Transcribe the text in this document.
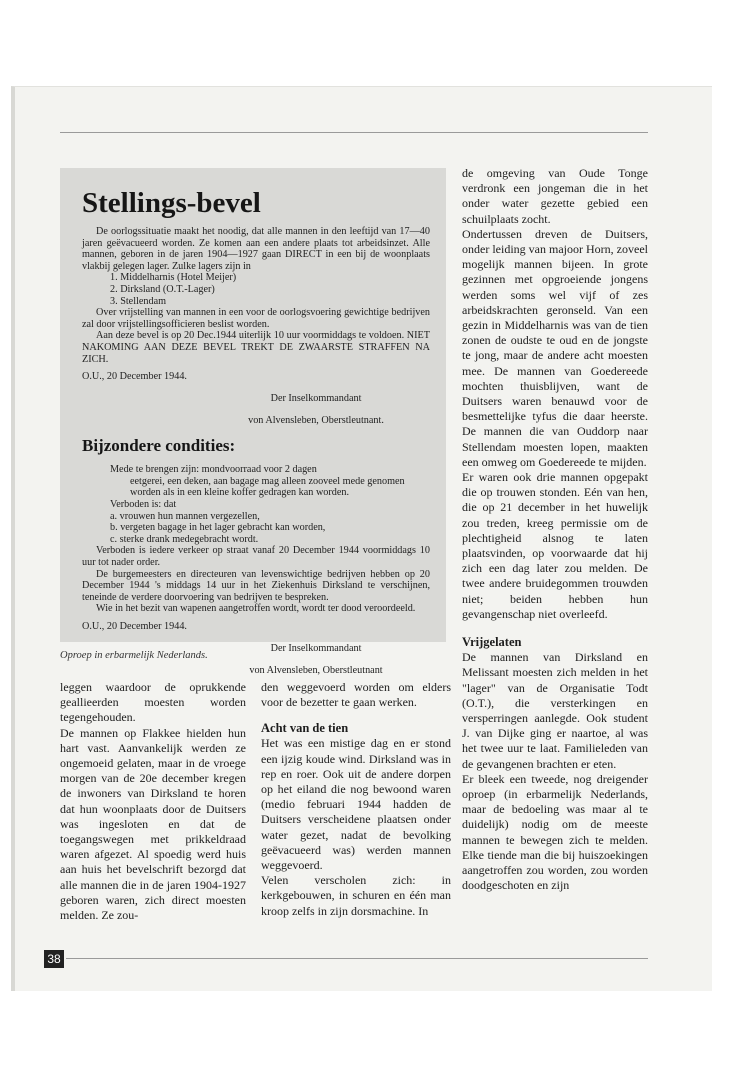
Stellings-bevel

De oorlogssituatie maakt het noodig, dat alle mannen in den leeftijd van 17—40 jaren geëvacueerd worden. Ze komen aan een andere plaats tot arbeidsinzet. Alle mannen, geboren in de jaren 1904—1927 gaan DIRECT in een bij de woonplaats vlakbij gelegen lager. Zulke lagers zijn in

1. Middelharnis (Hotel Meijer)
2. Dirksland (O.T.-Lager)
3. Stellendam

Over vrijstelling van mannen in een voor de oorlogsvoering gewichtige bedrijven zal door vrijstellingsofficieren beslist worden.

Aan deze bevel is op 20 Dec.1944 uiterlijk 10 uur voormiddags te voldoen. NIET NAKOMING AAN DEZE BEVEL TREKT DE ZWAARSTE STRAFFEN NA ZICH.

O.U., 20 December 1944.

Der Inselkommandant

von Alvensleben, Oberstleutnant.

Bijzondere condities:

Mede te brengen zijn: mondvoorraad voor 2 dagen

eetgerei, een deken, aan bagage mag alleen zooveel mede genomen worden als in een kleine koffer gedragen kan worden.

Verboden is: dat

a. vrouwen hun mannen vergezellen,

b. vergeten bagage in het lager gebracht kan worden,

c. sterke drank medegebracht wordt.

Verboden is iedere verkeer op straat vanaf 20 December 1944 voormiddags 10 uur tot nader order.

De burgemeesters en directeuren van levenswichtige bedrijven hebben op 20 December 1944 's middags 14 uur in het Ziekenhuis Dirksland te verschijnen, teneinde de verdere doorvoering van bedrijven te bespreken.

Wie in het bezit van wapenen aangetroffen wordt, wordt ter dood veroordeeld.

O.U., 20 December 1944.

Der Inselkommandant

von Alvensleben, Oberstleutnant

Oproep in erbarmelijk Nederlands.

leggen waardoor de oprukkende geallieerden moesten worden tegengehouden.

De mannen op Flakkee hielden hun hart vast. Aanvankelijk werden ze ongemoeid gelaten, maar in de vroege morgen van de 20e december kregen de inwoners van Dirksland te horen dat hun woonplaats door de Duitsers was ingesloten en dat de toegangswegen met prikkeldraad waren afgezet. Al spoedig werd huis aan huis het bevelschrift bezorgd dat alle mannen die in de jaren 1904-1927 geboren waren, zich direct moesten melden. Ze zou-

den weggevoerd worden om elders voor de bezetter te gaan werken.

Acht van de tien

Het was een mistige dag en er stond een ijzig koude wind. Dirksland was in rep en roer. Ook uit de andere dorpen op het eiland die nog bewoond waren (medio februari 1944 hadden de Duitsers verscheidene plaatsen onder water gezet, nadat de bevolking geëvacueerd was) werden mannen weggevoerd.

Velen verscholen zich: in kerkgebouwen, in schuren en één man kroop zelfs in zijn dorsmachine. In

de omgeving van Oude Tonge verdronk een jongeman die in het onder water gezette gebied een schuilplaats zocht.

Ondertussen dreven de Duitsers, onder leiding van majoor Horn, zoveel mogelijk mannen bijeen. In grote gezinnen met opgroeiende jongens werden soms wel vijf of zes arbeidskrachten geronseld. Van een gezin in Middelharnis was van de tien zonen de oudste te oud en de jongste te jong, maar de andere acht moesten mee. De mannen van Goedereede mochten thuisblijven, want de Duitsers waren benauwd voor de besmettelijke tyfus die daar heerste. De mannen die van Ouddorp naar Stellendam moesten lopen, maakten een omweg om Goedereede te mijden.

Er waren ook drie mannen opgepakt die op trouwen stonden. Eén van hen, die op 21 december in het huwelijk zou treden, kreeg permissie om de plechtigheid alsnog te laten plaatsvinden, op voorwaarde dat hij zich een dag later zou melden. De twee andere bruidegommen trouwden niet; beiden hebben hun gevangenschap niet overleefd.

Vrijgelaten

De mannen van Dirksland en Melissant moesten zich melden in het "lager" van de Organisatie Todt (O.T.), die versterkingen en versperringen aanlegde. Ook student J. van Dijke ging er naartoe, al was het twee uur te laat. Familieleden van de gevangenen brachten er eten.

Er bleek een tweede, nog dreigender oproep (in erbarmelijk Nederlands, maar de bedoeling was maar al te duidelijk) nodig om de meeste mannen te bewegen zich te melden. Elke tiende man die bij huiszoekingen aangetroffen zou worden, zou worden doodgeschoten en zijn

38
